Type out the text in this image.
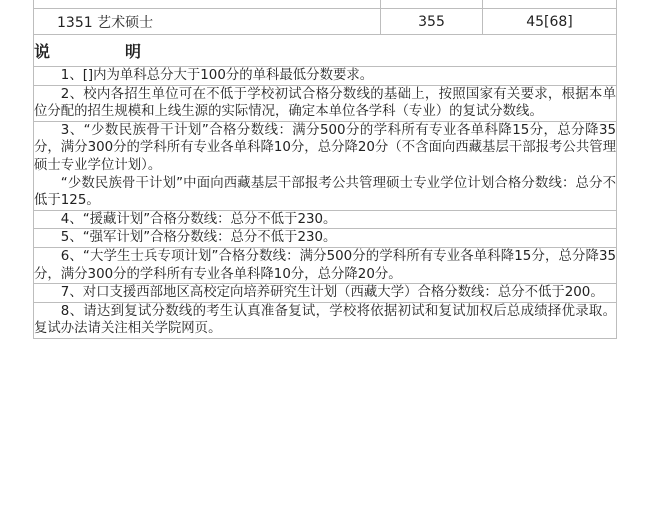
1351 艺术硕士	355	45[68]
说	明

1、[]内为单科总分大于100分的单科最低分数要求。

2、校内各招生单位可在不低于学校初试合格分数线的基础上，按照国家有关要求，根据本单位分配的招生规模和上线生源的实际情况，确定本单位各学科（专业）的复试分数线。

3、“少数民族骨干计划”合格分数线：满分500分的学科所有专业各单科降15分，总分降35分，满分300分的学科所有专业各单科降10分，总分降20分（不含面向西藏基层干部报考公共管理硕士专业学位计划）。
“少数民族骨干计划”中面向西藏基层干部报考公共管理硕士专业学位计划合格分数线：总分不低于125。

4、“援藏计划”合格分数线：总分不低于230。

5、“强军计划”合格分数线：总分不低于230。

6、“大学生士兵专项计划”合格分数线：满分500分的学科所有专业各单科降15分，总分降35分，满分300分的学科所有专业各单科降10分，总分降20分。

7、对口支援西部地区高校定向培养研究生计划（西藏大学）合格分数线：总分不低于200。

8、请达到复试分数线的考生认真准备复试，学校将依据初试和复试加权后总成绩择优录取。复试办法请关注相关学院网页。
